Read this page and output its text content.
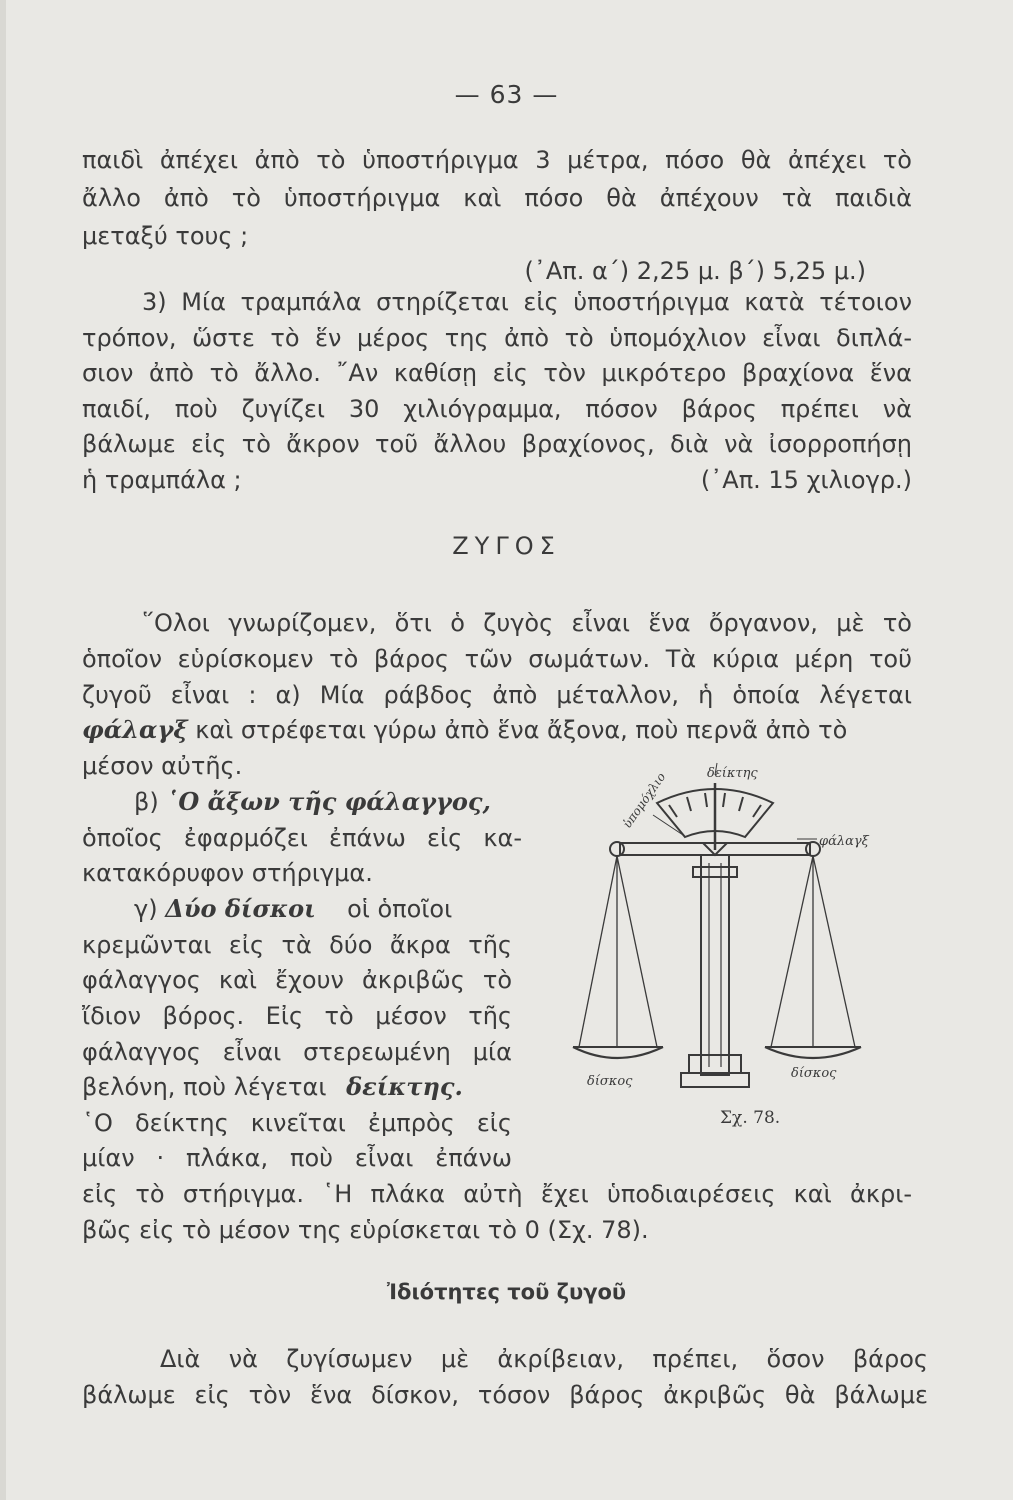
— 63 —
παιδὶ ἀπέχει ἀπὸ τὸ ὑποστήριγμα 3 μέτρα, πόσο θὰ ἀπέχει τὸ
ἄλλο ἀπὸ τὸ ὑποστήριγμα καὶ πόσο θὰ ἀπέχουν τὰ παιδιὰ
μεταξύ τους ;
(᾿Απ. α΄) 2,25 μ. β΄) 5,25 μ.)
3) Μία τραμπάλα στηρίζεται εἰς ὑποστήριγμα κατὰ τέτοιον
τρόπον, ὥστε τὸ ἕν μέρος της ἀπὸ τὸ ὑπομόχλιον εἶναι διπλά-
σιον ἀπὸ τὸ ἄλλο. ῎Αν καθίσῃ εἰς τὸν μικρότερο βραχίονα ἕνα
παιδί, ποὺ ζυγίζει 30 χιλιόγραμμα, πόσον βάρος πρέπει νὰ
βάλωμε εἰς τὸ ἄκρον τοῦ ἄλλου βραχίονος, διὰ νὰ ἰσορροπήσῃ
ἡ τραμπάλα ;	(᾿Απ. 15 χιλιογρ.)
ΖΥΓΟΣ
῞Ολοι γνωρίζομεν, ὅτι ὁ ζυγὸς εἶναι ἕνα ὄργανον, μὲ τὸ
ὁποῖον εὑρίσκομεν τὸ βάρος τῶν σωμάτων. Τὰ κύρια μέρη τοῦ
ζυγοῦ εἶναι : α) Μία ράβδος ἀπὸ μέταλλον, ἡ ὁποία λέγεται
φάλαγξ καὶ στρέφεται γύρω ἀπὸ ἕνα ἄξονα, ποὺ περνᾶ ἀπὸ τὸ
μέσον αὐτῆς.
β) ῾Ο ἄξων τῆς φάλαγγος,
ὁποῖος ἐφαρμόζει ἐπάνω εἰς κα-
κατακόρυφον στήριγμα.
γ) Δύο δίσκοι οἱ ὁποῖοι
κρεμῶνται εἰς τὰ δύο ἄκρα τῆς
φάλαγγος καὶ ἔχουν ἀκριβῶς τὸ
ἴδιον βόρος. Εἰς τὸ μέσον τῆς
φάλαγγος εἶναι στερεωμένη μία
βελόνη, ποὺ λέγεται δείκτης.
῾Ο δείκτης κινεῖται ἐμπρὸς εἰς
μίαν · πλάκα, ποὺ εἶναι ἐπάνω
εἰς τὸ στήριγμα. ῾Η πλάκα αὐτὴ ἔχει ὑποδιαιρέσεις καὶ ἀκρι-
βῶς εἰς τὸ μέσον της εὑρίσκεται τὸ 0 (Σχ. 78).
δείκτης
ὑπομόχλιο
φάλαγξ
δίσκος
δίσκος
Σχ. 78.
Ἰδιότητες τοῦ ζυγοῦ
Διὰ νὰ ζυγίσωμεν μὲ ἀκρίβειαν, πρέπει, ὅσον βάρος
βάλωμε εἰς τὸν ἕνα δίσκον, τόσον βάρος ἀκριβῶς θὰ βάλωμε
